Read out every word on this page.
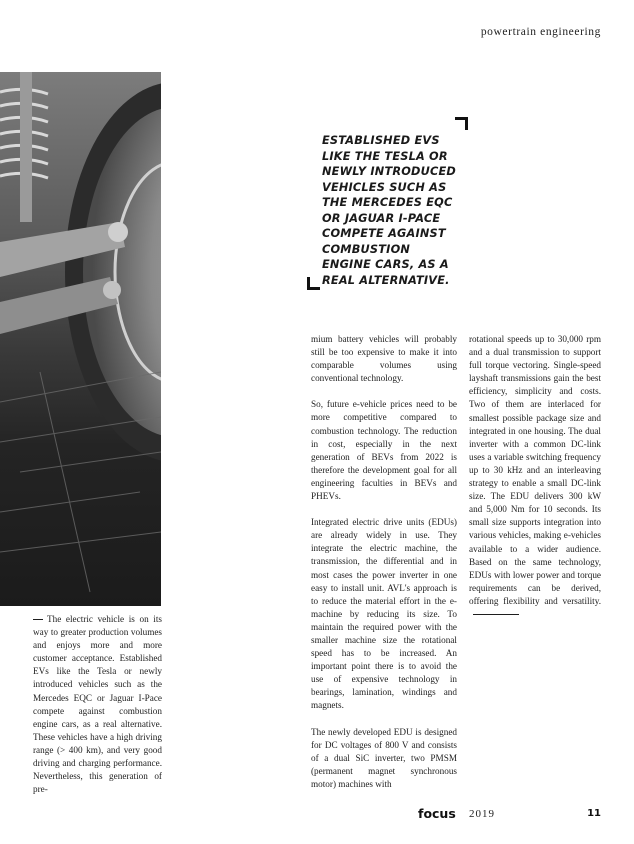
powertrain engineering
ESTABLISHED EVS LIKE THE TESLA OR NEWLY INTRODUCED VEHICLES SUCH AS THE MERCEDES EQC OR JAGUAR I-PACE COMPETE AGAINST COMBUSTION ENGINE CARS, AS A REAL ALTERNATIVE.

The electric vehicle is on its way to greater production volumes and enjoys more and more customer acceptance. Established EVs like the Tesla or newly introduced vehicles such as the Mercedes EQC or Jaguar I-Pace compete against combustion engine cars, as a real alternative. These vehicles have a high driving range (> 400 km), and very good driving and charging performance. Nevertheless, this generation of pre-

mium battery vehicles will probably still be too expensive to make it into comparable volumes using conventional technology.

So, future e-vehicle prices need to be more competitive compared to combustion technology. The reduction in cost, especially in the next generation of BEVs from 2022 is therefore the development goal for all engineering faculties in BEVs and PHEVs.

Integrated electric drive units (EDUs) are already widely in use. They integrate the electric machine, the transmission, the differential and in most cases the power inverter in one easy to install unit. AVL's approach is to reduce the material effort in the e-machine by reducing its size. To maintain the required power with the smaller machine size the rotational speed has to be increased. An important point there is to avoid the use of expensive technology in bearings, lamination, windings and magnets.

The newly developed EDU is designed for DC voltages of 800 V and consists of a dual SiC inverter, two PMSM (permanent magnet synchronous motor) machines with

rotational speeds up to 30,000 rpm and a dual transmission to support full torque vectoring. Single-speed layshaft transmissions gain the best efficiency, simplicity and costs. Two of them are interlaced for smallest possible package size and integrated in one housing. The dual inverter with a common DC-link uses a variable switching frequency up to 30 kHz and an interleaving strategy to enable a small DC-link size. The EDU delivers 300 kW and 5,000 Nm for 10 seconds. Its small size supports integration into various vehicles, making e-vehicles available to a wider audience. Based on the same technology, EDUs with lower power and torque requirements can be derived, offering flexibility and versatility.

focus 2019	11
